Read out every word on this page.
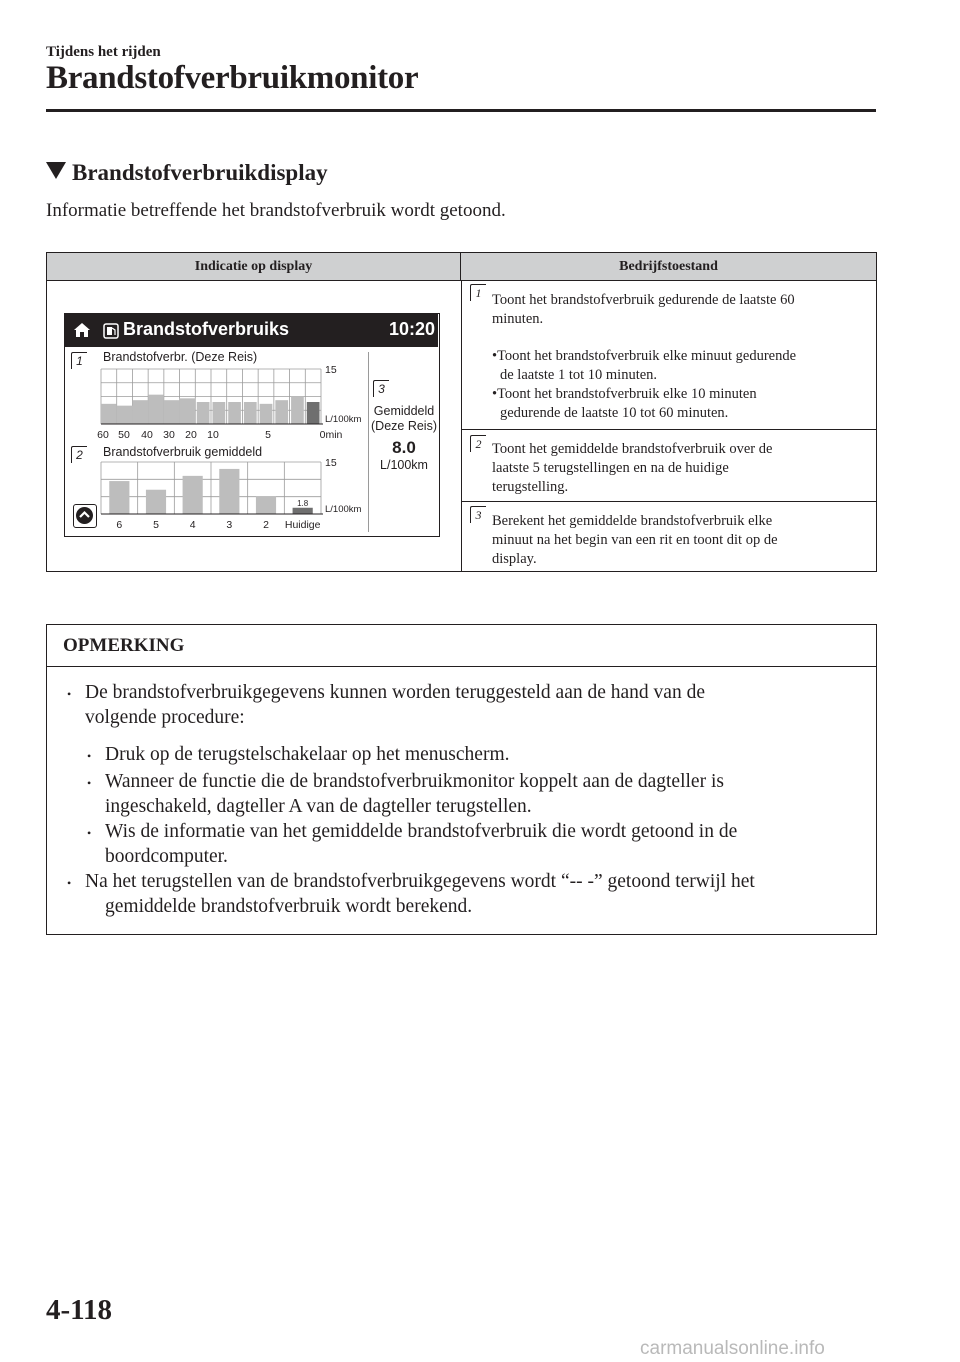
Tijdens het rijden
Brandstofverbruikmonitor
Brandstofverbruikdisplay
Informatie betreffende het brandstofverbruik wordt getoond.
Indicatie op display	Bedrijfstoestand
1 Toont het brandstofverbruik gedurende de laatste 60
minuten.
•Toont het brandstofverbruik elke minuut gedurende
de laatste 1 tot 10 minuten.
•Toont het brandstofverbruik elke 10 minuten
gedurende de laatste 10 tot 60 minuten.
2 Toont het gemiddelde brandstofverbruik over de
laatste 5 terugstellingen en na de huidige
terugstelling.
3 Berekent het gemiddelde brandstofverbruik elke
minuut na het begin van een rit en toont dit op de
display.
Brandstofverbruiks	10:20
1	Brandstofverbr. (Deze Reis)
2	Brandstofverbruik gemiddeld
15
L/100km
60 50 40 30 20 10	5	0min
6	5	4	3	2
1.8
Huidige
15
L/100km
3
Gemiddeld
(Deze Reis)
8.0
L/100km
OPMERKING
• De brandstofverbruikgegevens kunnen worden teruggesteld aan de hand van de
volgende procedure:
• Druk op de terugstelschakelaar op het menuscherm.
• Wanneer de functie die de brandstofverbruikmonitor koppelt aan de dagteller is
ingeschakeld, dagteller A van de dagteller terugstellen.
• Wis de informatie van het gemiddelde brandstofverbruik die wordt getoond in de
boordcomputer.
• Na het terugstellen van de brandstofverbruikgegevens wordt “-- -” getoond terwijl het
gemiddelde brandstofverbruik wordt berekend.
4-118
carmanualsonline.info
